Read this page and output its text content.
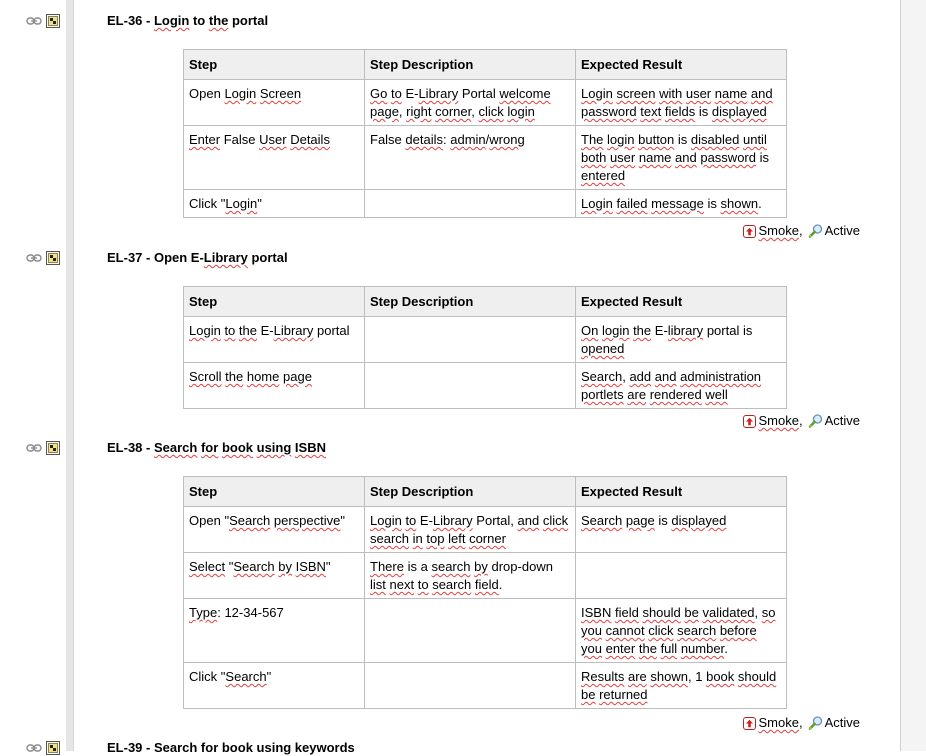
EL-36 - Login to the portal
Step	Step Description	Expected Result
Open Login Screen	Go to E-Library Portal welcome page, right corner, click login	Login screen with user name and password text fields is displayed
Enter False User Details	False details: admin/wrong	The login button is disabled until both user name and password is entered
Click "Login"		Login failed message is shown.
Smoke , Active
EL-37 - Open E-Library portal
Step	Step Description	Expected Result
Login to the E-Library portal		On login the E-library portal is opened
Scroll the home page		Search, add and administration portlets are rendered well
Smoke , Active
EL-38 - Search for book using ISBN
Step	Step Description	Expected Result
Open "Search perspective"	Login to E-Library Portal, and click search in top left corner	Search page is displayed
Select "Search by ISBN"	There is a search by drop-down list next to search field.	
Type: 12-34-567		ISBN field should be validated, so you cannot click search before you enter the full number.
Click "Search"		Results are shown, 1 book should be returned
Smoke , Active
EL-39 - Search for book using keywords
